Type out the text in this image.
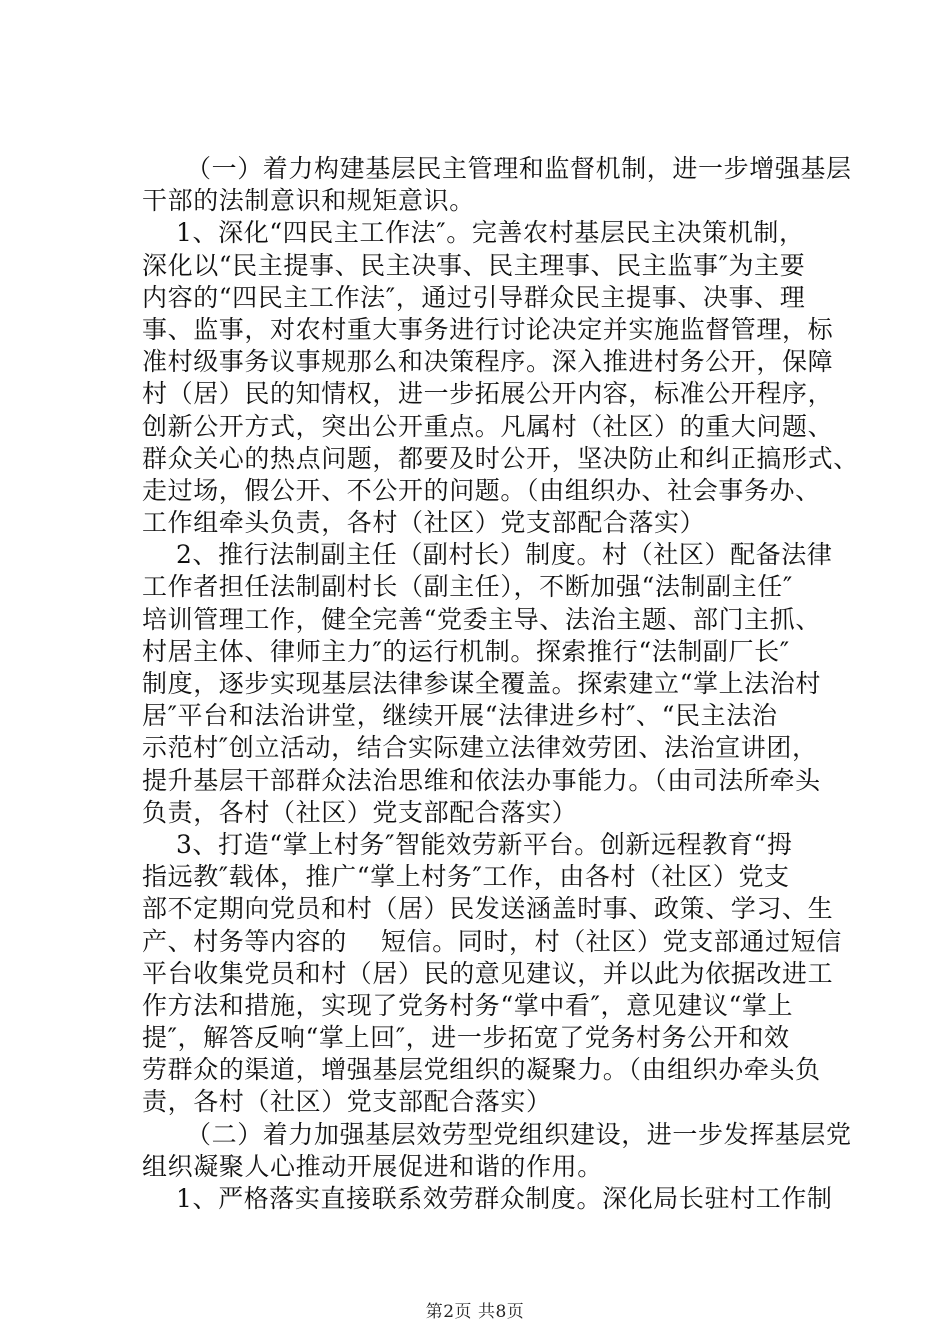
（一）着力构建基层民主管理和监督机制，进一步增强基层
干部的法制意识和规矩意识。
1、深化“四民主工作法″。完善农村基层民主决策机制，
深化以“民主提事、民主决事、民主理事、民主监事″为主要
内容的“四民主工作法″，通过引导群众民主提事、决事、理
事、监事，对农村重大事务进行讨论决定并实施监督管理，标
准村级事务议事规那么和决策程序。深入推进村务公开，保障
村（居）民的知情权，进一步拓展公开内容，标准公开程序，
创新公开方式，突出公开重点。凡属村（社区）的重大问题、
群众关心的热点问题，都要及时公开，坚决防止和纠正搞形式、
走过场，假公开、不公开的问题。（由组织办、社会事务办、
工作组牵头负责，各村（社区）党支部配合落实）
2、推行法制副主任（副村长）制度。村（社区）配备法律
工作者担任法制副村长（副主任），不断加强“法制副主任″
培训管理工作，健全完善“党委主导、法治主题、部门主抓、
村居主体、律师主力″的运行机制。探索推行“法制副厂长″
制度，逐步实现基层法律参谋全覆盖。探索建立“掌上法治村
居″平台和法治讲堂，继续开展“法律进乡村″、“民主法治
示范村″创立活动，结合实际建立法律效劳团、法治宣讲团，
提升基层干部群众法治思维和依法办事能力。（由司法所牵头
负责，各村（社区）党支部配合落实）
3、打造“掌上村务″智能效劳新平台。创新远程教育“拇
指远教″载体，推广“掌上村务″工作，由各村（社区）党支
部不定期向党员和村（居）民发送涵盖时事、政策、学习、生
产、村务等内容的    短信。同时，村（社区）党支部通过短信
平台收集党员和村（居）民的意见建议，并以此为依据改进工
作方法和措施，实现了党务村务“掌中看″，意见建议“掌上
提″，解答反响“掌上回″，进一步拓宽了党务村务公开和效
劳群众的渠道，增强基层党组织的凝聚力。（由组织办牵头负
责，各村（社区）党支部配合落实）
（二）着力加强基层效劳型党组织建设，进一步发挥基层党
组织凝聚人心推动开展促进和谐的作用。
1、严格落实直接联系效劳群众制度。深化局长驻村工作制
第2页 共8页
